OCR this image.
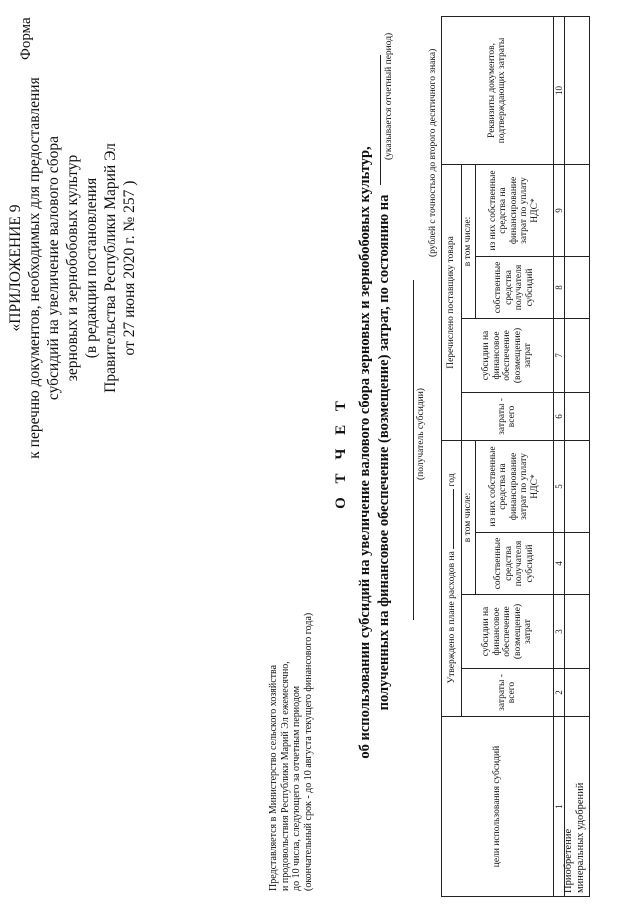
«ПРИЛОЖЕНИЕ 9 к перечню документов, необходимых для предоставления субсидий на увеличение валового сбора зерновых и зернобобовых культур (в редакции постановления Правительства Республики Марий Эл от 27 июня 2020 г. № 257 )
Форма
Представляется в Министерство сельского хозяйства и продовольствия Республики Марий Эл ежемесячно, до 10 числа, следующего за отчетным периодом (окончательный срок - до 10 августа текущего финансового года)
О Т Ч Е Т об использовании субсидий на увеличение валового сбора зерновых и зернобобовых культур, полученных на финансовое обеспечение (возмещение) затрат, по состоянию на
(указывается отчетный период)
(получатель субсидии)
(рублей с точностью до второго десятичного знака)
цели использования субсидий	Утверждено в плане расходов на  год				Перечислено поставщику товара				Реквизиты документов, подтверждающих затраты
	затраты - всего	субсидии на финансовое обеспечение (возмещение) затрат	в том числе:		затраты - всего	субсидии на финансовое обеспечение (возмещение) затрат	в том числе:		
			собственные средства получателя субсидий	из них собственные средства на финансирование затрат по уплату НДС*			собственные средства получателя субсидий	из них собственные средства на финансирование затрат по уплату НДС*	
1	2	3	4	5	6	7	8	9	10

Приобретение минеральных удобрений
